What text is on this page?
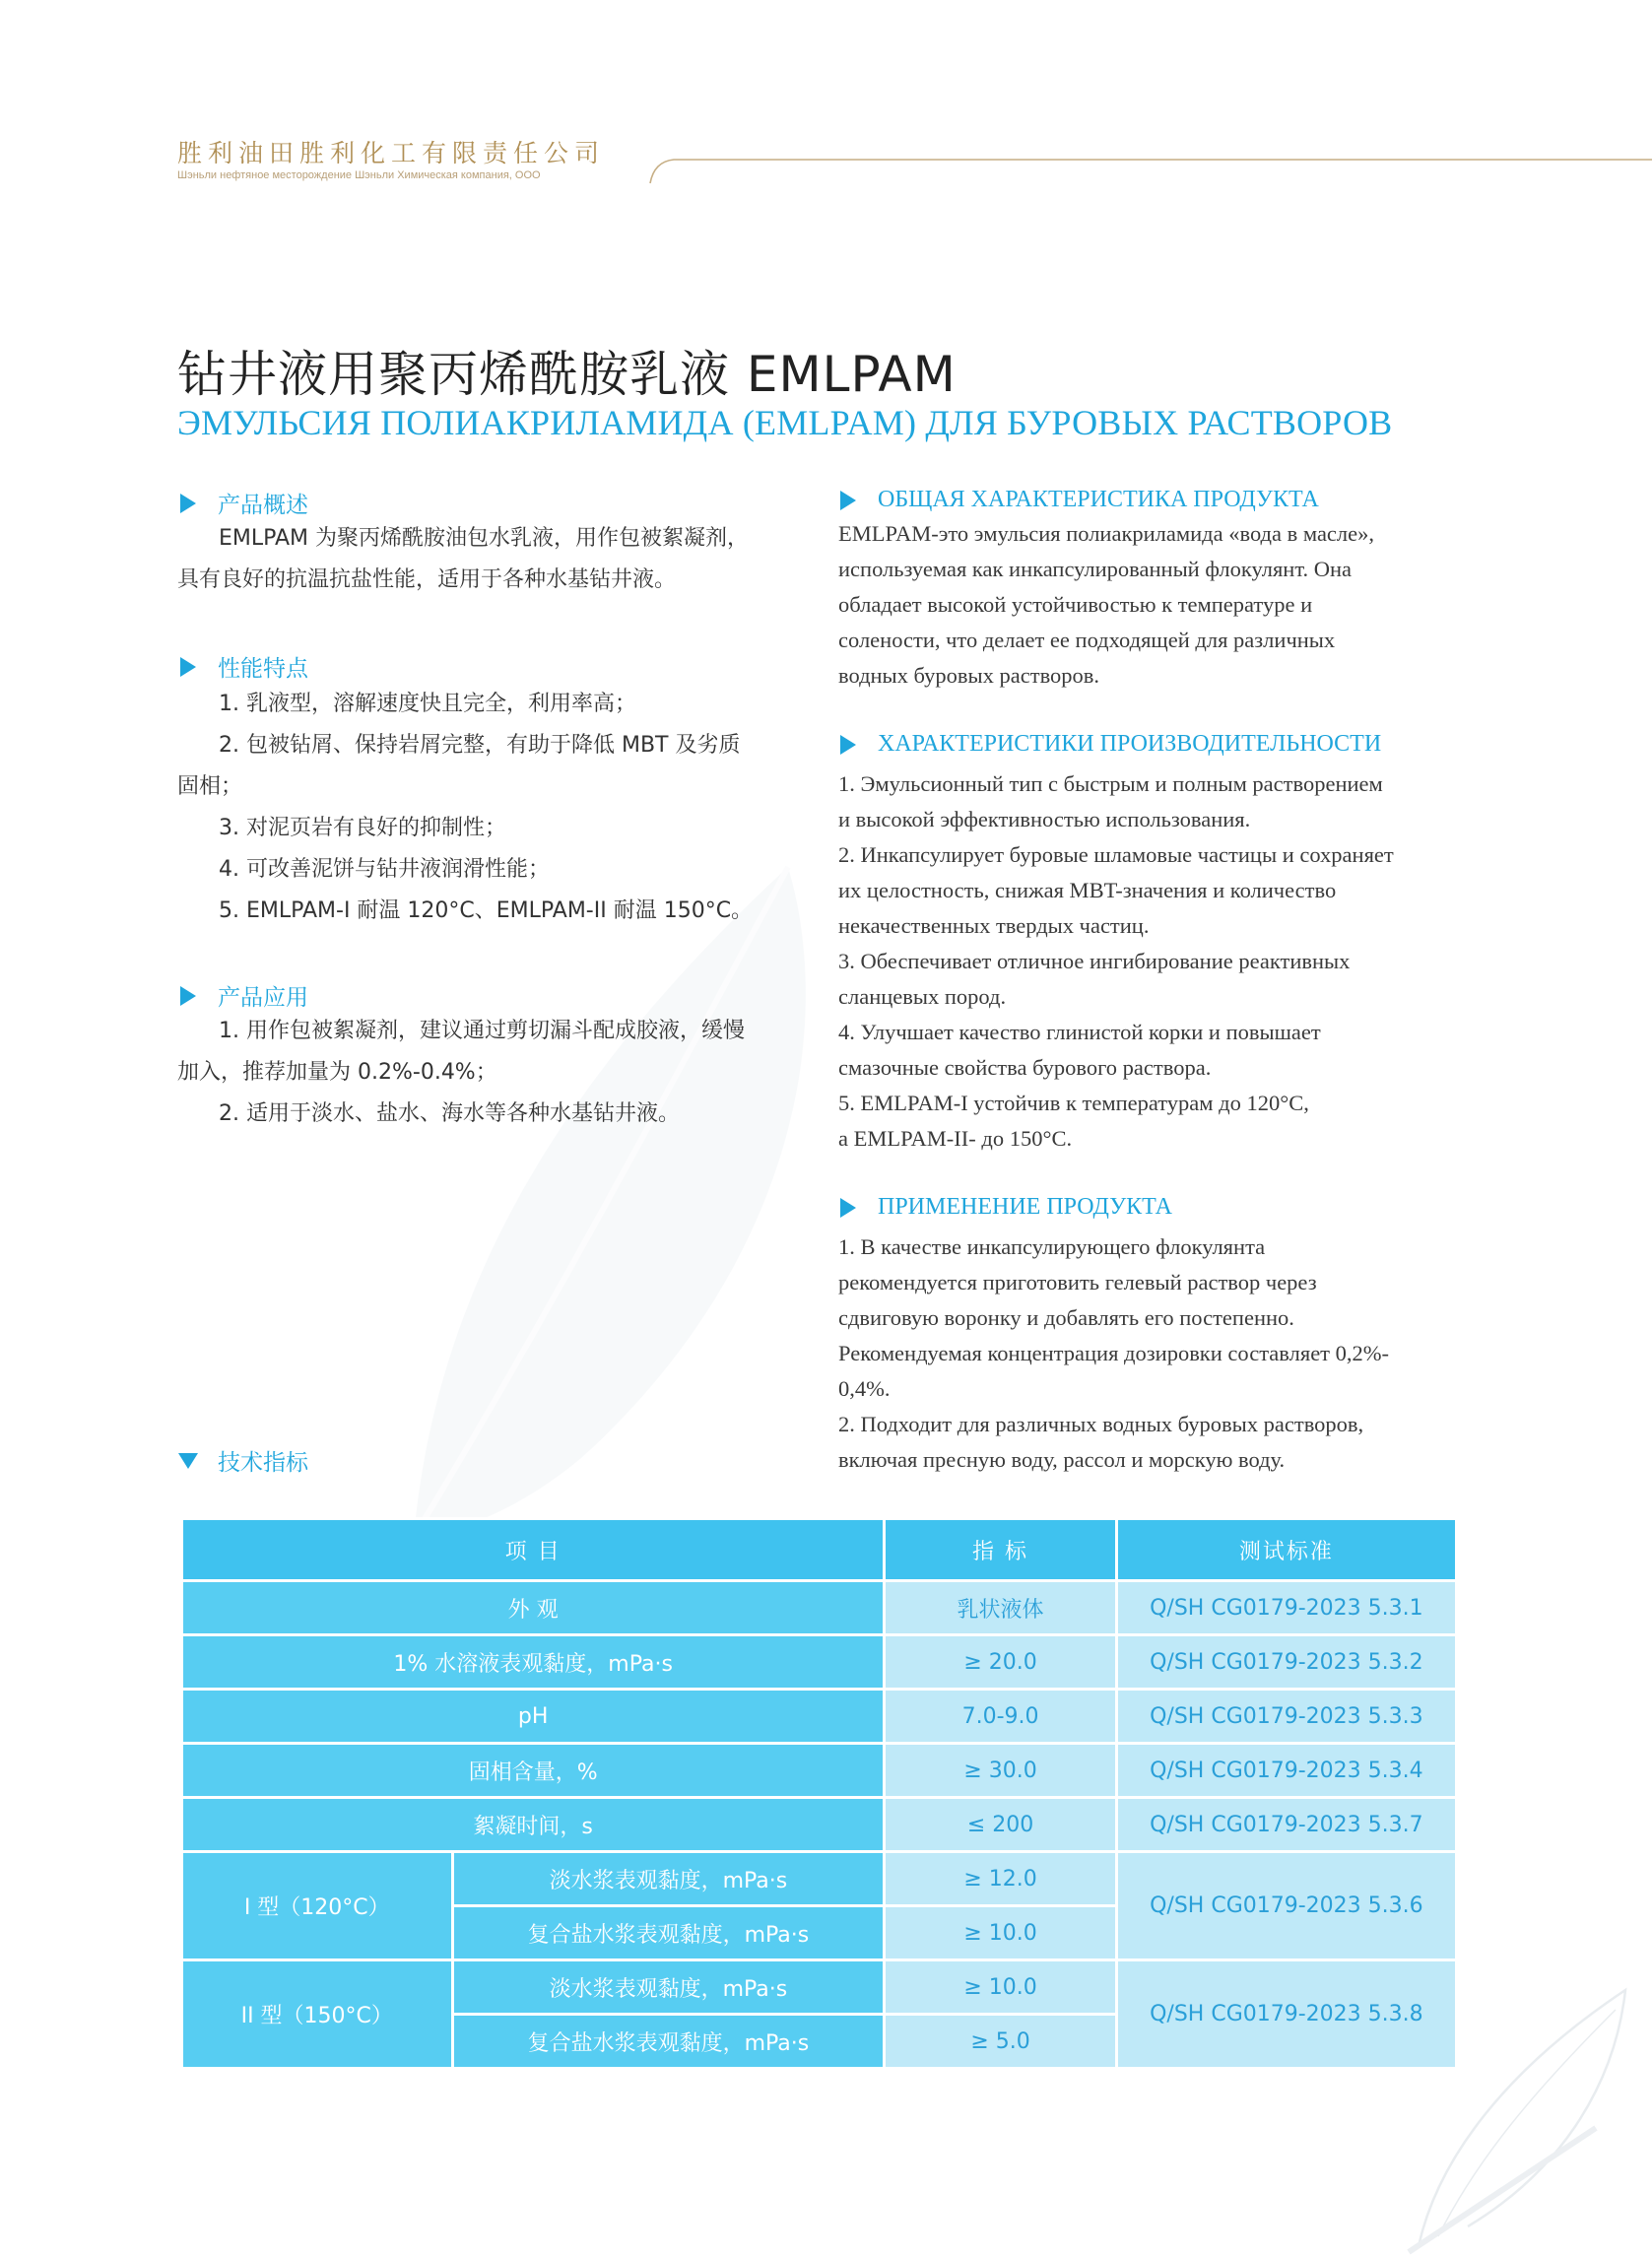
胜利油田胜利化工有限责任公司
Шэньли нефтяное месторождение Шэньли Химическая компания, ООО
钻井液用聚丙烯酰胺乳液 EMLPAM
ЭМУЛЬСИЯ ПОЛИАКРИЛАМИДА (EMLPAM) ДЛЯ БУРОВЫХ РАСТВОРОВ
产品概述

EMLPAM 为聚丙烯酰胺油包水乳液，用作包被絮凝剂，

具有良好的抗温抗盐性能，适用于各种水基钻井液。

性能特点

1. 乳液型，溶解速度快且完全，利用率高；

2. 包被钻屑、保持岩屑完整，有助于降低 MBT 及劣质

固相；

3. 对泥页岩有良好的抑制性；

4. 可改善泥饼与钻井液润滑性能；

5. EMLPAM-I 耐温 120°C、EMLPAM-II 耐温 150°C。

产品应用

1. 用作包被絮凝剂，建议通过剪切漏斗配成胶液，缓慢

加入，推荐加量为 0.2%-0.4%；

2. 适用于淡水、盐水、海水等各种水基钻井液。

技术指标
ОБЩАЯ ХАРАКТЕРИСТИКА ПРОДУКТА

EMLPAM-это эмульсия полиакриламида «вода в масле»,

используемая как инкапсулированный флокулянт. Она

обладает высокой устойчивостью к температуре и

солености, что делает ее подходящей для различных

водных буровых растворов.

ХАРАКТЕРИСТИКИ ПРОИЗВОДИТЕЛЬНОСТИ

1. Эмульсионный тип с быстрым и полным растворением

и высокой эффективностью использования.

2. Инкапсулирует буровые шламовые частицы и сохраняет

их целостность, снижая MBT-значения и количество

некачественных твердых частиц.

3. Обеспечивает отличное ингибирование реактивных

сланцевых пород.

4. Улучшает качество глинистой корки и повышает

смазочные свойства бурового раствора.

5. EMLPAM-I устойчив к температурам до 120°C,

а EMLPAM-II- до 150°C.

ПРИМЕНЕНИЕ ПРОДУКТА

1. В качестве инкапсулирующего флокулянта

рекомендуется приготовить гелевый раствор через

сдвиговую воронку и добавлять его постепенно.

Рекомендуемая концентрация дозировки составляет 0,2%-

0,4%.

2. Подходит для различных водных буровых растворов,

включая пресную воду, рассол и морскую воду.

项 目		指 标	测试标准
外 观		乳状液体	Q/SH CG0179-2023 5.3.1
1% 水溶液表观黏度，mPa·s		≥ 20.0	Q/SH CG0179-2023 5.3.2
pH		7.0-9.0	Q/SH CG0179-2023 5.3.3
固相含量，%		≥ 30.0	Q/SH CG0179-2023 5.3.4
絮凝时间，s		≤ 200	Q/SH CG0179-2023 5.3.7
I 型（120°C）	淡水浆表观黏度，mPa·s	≥ 12.0	Q/SH CG0179-2023 5.3.6
	复合盐水浆表观黏度，mPa·s	≥ 10.0	
II 型（150°C）	淡水浆表观黏度，mPa·s	≥ 10.0	Q/SH CG0179-2023 5.3.8
	复合盐水浆表观黏度，mPa·s	≥ 5.0	
